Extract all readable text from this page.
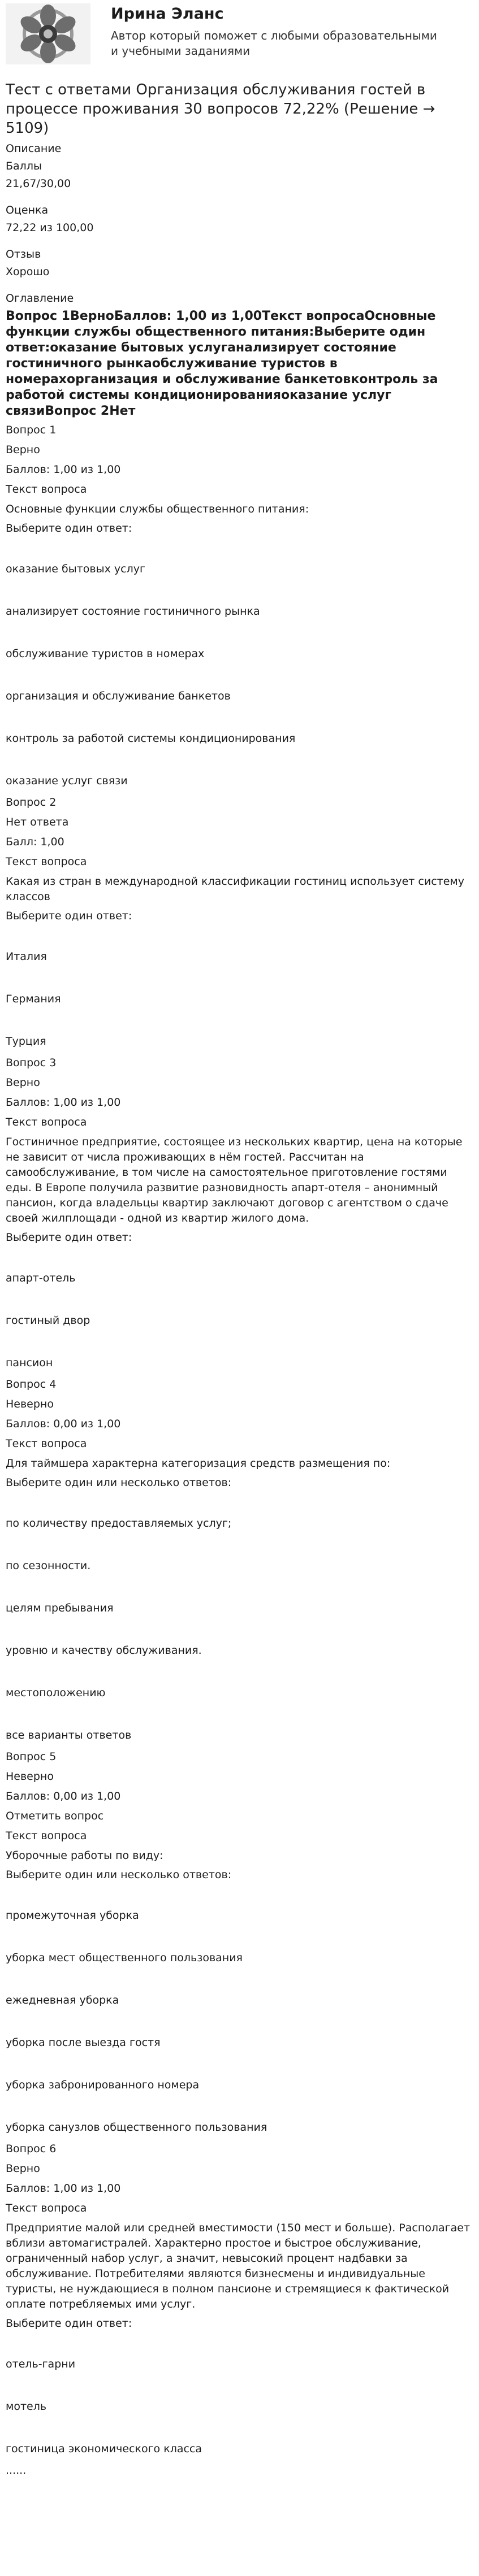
Ирина Эланс
Автор который поможет с любыми образовательными и учебными заданиями
Тест с ответами Организация обслуживания гостей в процессе проживания 30 вопросов 72,22% (Решение → 5109)

Описание

Баллы

21,67/30,00

Оценка

72,22 из 100,00

Отзыв

Хорошо

Оглавление

Вопрос 1ВерноБаллов: 1,00 из 1,00Текст вопросаОсновные функции службы общественного питания:Выберите один ответ:оказание бытовых услуганализирует состояние гостиничного рынкаобслуживание туристов в номерахорганизация и обслуживание банкетовконтроль за работой системы кондиционированияоказание услуг связиВопрос 2Нет

Вопрос 1

Верно

Баллов: 1,00 из 1,00

Текст вопроса

Основные функции службы общественного питания:

Выберите один ответ:

оказание бытовых услуг

анализирует состояние гостиничного рынка

обслуживание туристов в номерах

организация и обслуживание банкетов

контроль за работой системы кондиционирования

оказание услуг связи

Вопрос 2

Нет ответа

Балл: 1,00

Текст вопроса

Какая из стран в международной классификации гостиниц использует систему классов

Выберите один ответ:

Италия

Германия

Турция

Вопрос 3

Верно

Баллов: 1,00 из 1,00

Текст вопроса

Гостиничное предприятие, состоящее из нескольких квартир, цена на которые не зависит от числа проживающих в нём гостей. Рассчитан на самообслуживание, в том числе на самостоятельное приготовление гостями еды. В Европе получила развитие разновидность апарт-отеля – анонимный пансион, когда владельцы квартир заключают договор с агентством о сдаче своей жилплощади - одной из квартир жилого дома.

Выберите один ответ:

апарт-отель

гостиный двор

пансион

Вопрос 4

Неверно

Баллов: 0,00 из 1,00

Текст вопроса

Для таймшера характерна категоризация средств размещения по:

Выберите один или несколько ответов:

по количеству предоставляемых услуг;

по сезонности.

целям пребывания

уровню и качеству обслуживания.

местоположению

все варианты ответов

Вопрос 5

Неверно

Баллов: 0,00 из 1,00

Отметить вопрос

Текст вопроса

Уборочные работы по виду:

Выберите один или несколько ответов:

промежуточная уборка

уборка мест общественного пользования

ежедневная уборка

уборка после выезда гостя

уборка забронированного номера

уборка санузлов общественного пользования

Вопрос 6

Верно

Баллов: 1,00 из 1,00

Текст вопроса

Предприятие малой или средней вместимости (150 мест и больше). Располагает вблизи автомагистралей. Характерно простое и быстрое обслуживание, ограниченный набор услуг, а значит, невысокий процент надбавки за обслуживание. Потребителями являются бизнесмены и индивидуальные туристы, не нуждающиеся в полном пансионе и стремящиеся к фактической оплате потребляемых ими услуг.

Выберите один ответ:

отель-гарни

мотель

гостиница экономического класса

......
